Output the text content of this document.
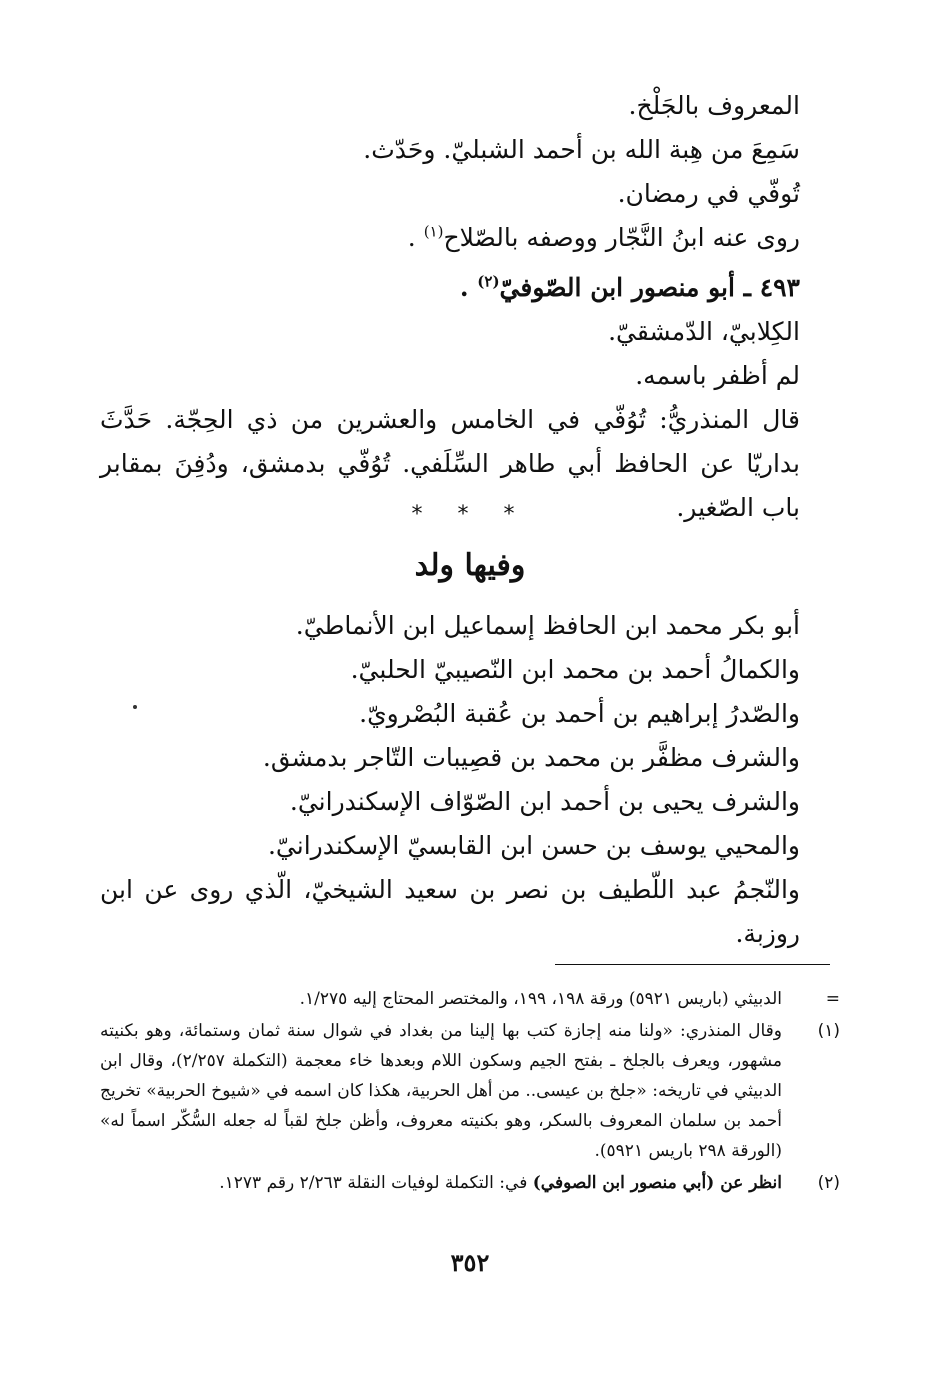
المعروف بالجَلْخ.
سَمِعَ من هِبة الله بن أحمد الشبليّ. وحَدّث.
تُوفّي في رمضان.
روى عنه ابنُ النَّجّار ووصفه بالصّلاح$^{(١)}$ .
٤٩٣ ـ أبو منصور ابن الصّوفيّ$^{(٢)}$ .
الكِلابيّ، الدّمشقيّ.
لم أظفر باسمه.
قال المنذريُّ: تُوُفّي في الخامس والعشرين من ذي الحِجّة. حَدَّثَ بداريّا عن الحافظ أبي طاهر السِّلَفي. تُوُفّي بدمشق، ودُفِنَ بمقابر باب الصّغير.
* * *
وفيها ولد
أبو بكر محمد ابن الحافظ إسماعيل ابن الأنماطيّ.
والكمالُ أحمد بن محمد ابن النّصيبيّ الحلبيّ.
والصّدرُ إبراهيم بن أحمد بن عُقبة البُصْرويّ.
والشرف مظفَّر بن محمد بن قصِيبات التّاجر بدمشق.
والشرف يحيى بن أحمد ابن الصّوّاف الإسكندرانيّ.
والمحيي يوسف بن حسن ابن القابسيّ الإسكندرانيّ.
والنّجمُ عبد اللّطيف بن نصر بن سعيد الشيخيّ، الّذي روى عن ابن روزبة.
=
الدبيثي (باريس ٥٩٢١) ورقة ١٩٨، ١٩٩، والمختصر المحتاج إليه ١/٢٧٥.
(١)
وقال المنذري: «ولنا منه إجازة كتب بها إلينا من بغداد في شوال سنة ثمان وستمائة، وهو بكنيته مشهور، ويعرف بالجلخ ـ بفتح الجيم وسكون اللام وبعدها خاء معجمة (التكملة ٢/٢٥٧)، وقال ابن الدبيثي في تاريخه: «جلخ بن عيسى.. من أهل الحربية، هكذا كان اسمه في «شيوخ الحربية» تخريج أحمد بن سلمان المعروف بالسكر، وهو بكنيته معروف، وأظن جلخ لقباً له جعله السُّكّر اسماً له» (الورقة ٢٩٨ باريس ٥٩٢١).
(٢)
انظر عن (أبي منصور ابن الصوفي) في: التكملة لوفيات النقلة ٢/٢٦٣ رقم ١٢٧٣.
٣٥٢
